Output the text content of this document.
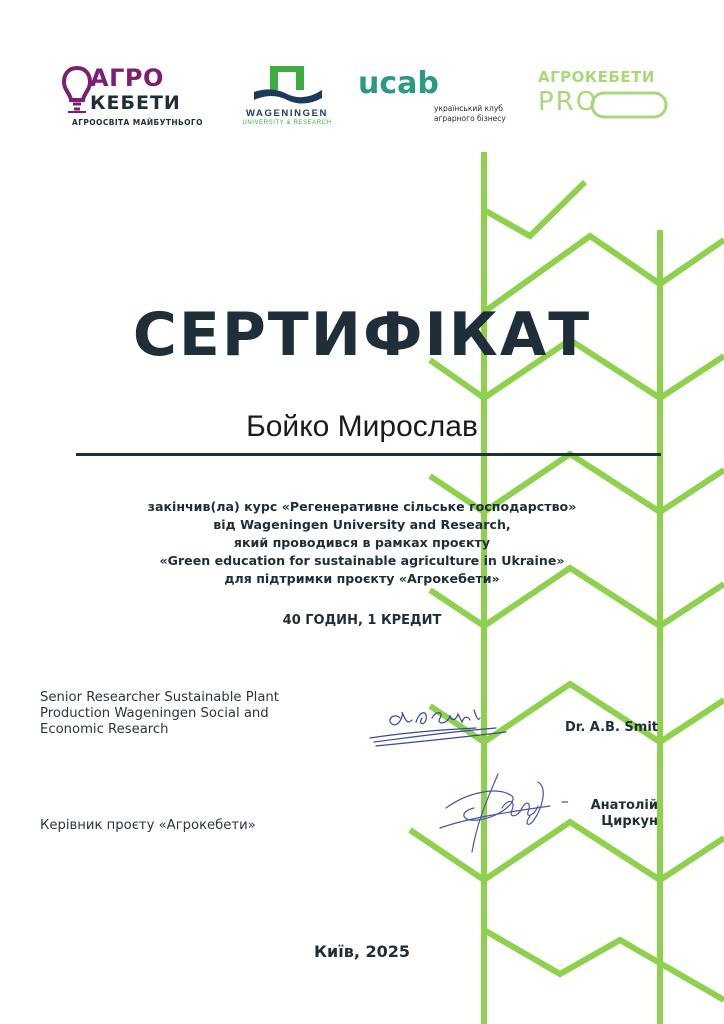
АГРО
КЕБЕТИ
АГРООСВІТА МАЙБУТНЬОГО
WAGENINGEN
UNIVERSITY & RESEARCH
ucab
український клуб
аграрного бізнесу
АГРОКЕБЕТИ
PRO
СЕРТИФІКАТ
Бойко Мирослав
закінчив(ла) курс «Регенеративне сільське господарство»
від Wageningen University and Research,
який проводився в рамках проєкту
«Green education for sustainable agriculture in Ukraine»
для підтримки проєкту «Агрокебети»
40 ГОДИН, 1 КРЕДИТ
Senior Researcher Sustainable Plant
Production Wageningen Social and
Economic Research	Dr. A.B. Smit
Керівник проєту «Агрокебети»
Анатолій
Циркун
Київ, 2025
